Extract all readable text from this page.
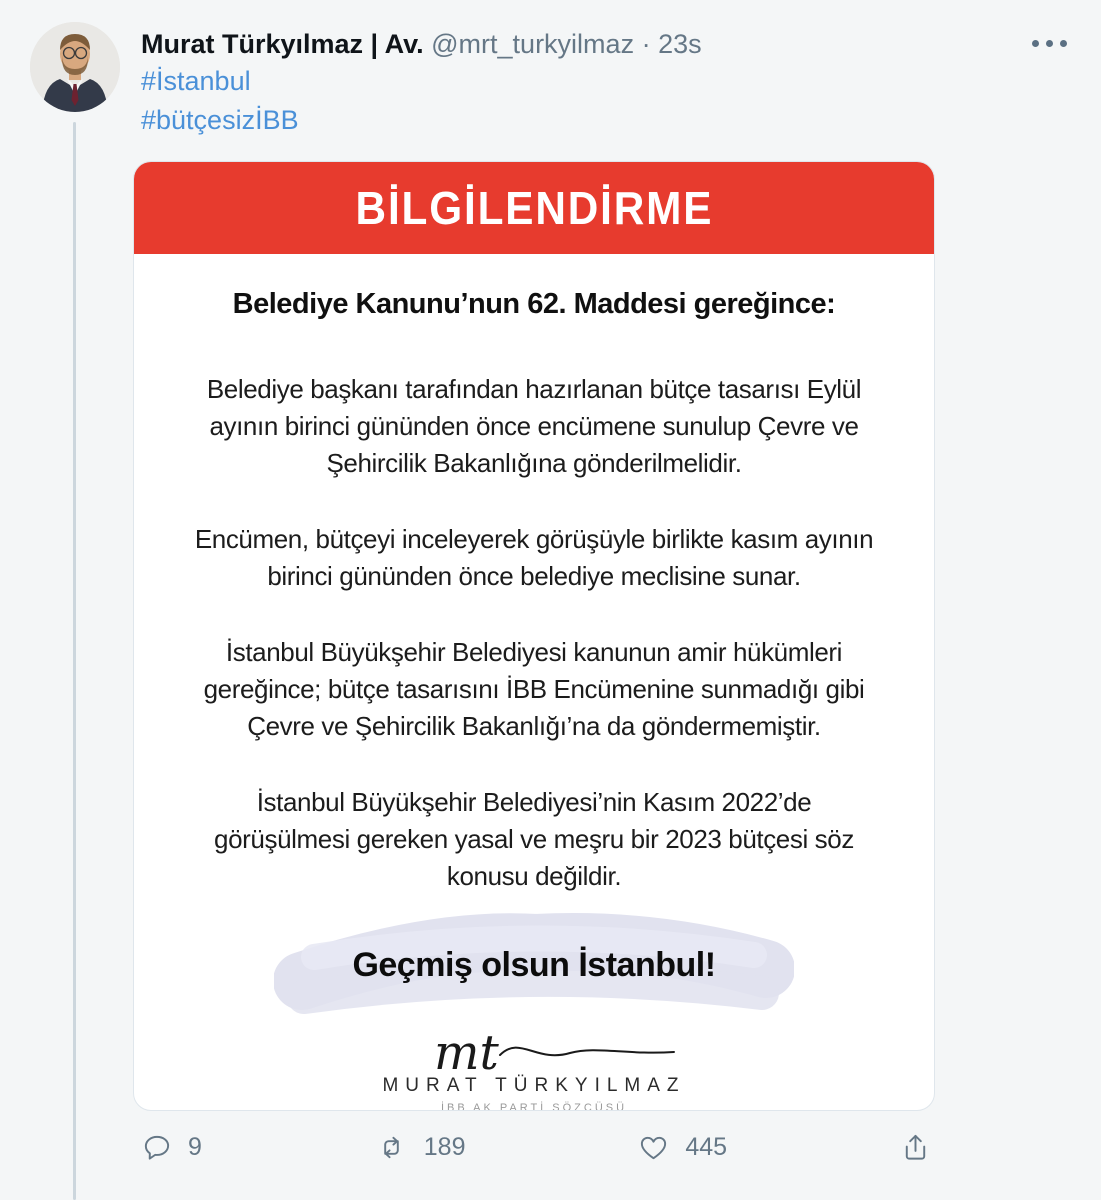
Murat Türkyılmaz | Av. @mrt_turkyilmaz · 23s
#İstanbul
#bütçesizİBB
BİLGİLENDİRME
Belediye Kanunu’nun 62. Maddesi gereğince:
Belediye başkanı tarafından hazırlanan bütçe tasarısı Eylül ayının birinci gününden önce encümene sunulup Çevre ve Şehircilik Bakanlığına gönderilmelidir.
Encümen, bütçeyi inceleyerek görüşüyle birlikte kasım ayının birinci gününden önce belediye meclisine sunar.
İstanbul Büyükşehir Belediyesi kanunun amir hükümleri gereğince; bütçe tasarısını İBB Encümenine sunmadığı gibi Çevre ve Şehircilik Bakanlığı’na da göndermemiştir.
İstanbul Büyükşehir Belediyesi’nin Kasım 2022’de görüşülmesi gereken yasal ve meşru bir 2023 bütçesi söz konusu değildir.
Geçmiş olsun İstanbul!
mt
MURAT TÜRKYILMAZ
İBB AK PARTİ SÖZCÜSÜ
9	189	445
